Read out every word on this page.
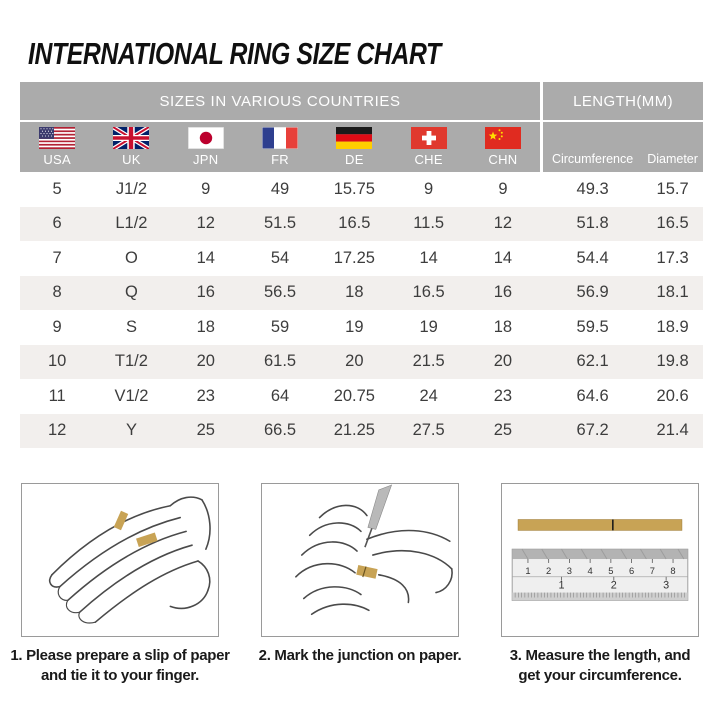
INTERNATIONAL RING SIZE CHART
SIZES IN VARIOUS COUNTRIES	LENGTH(MM)
USA	UK	JPN	FR	DE	CHE	CHN	Circumference	Diameter
5	J1/2	9	49	15.75	9	9	49.3	15.7
6	L1/2	12	51.5	16.5	11.5	12	51.8	16.5
7	O	14	54	17.25	14	14	54.4	17.3
8	Q	16	56.5	18	16.5	16	56.9	18.1
9	S	18	59	19	19	18	59.5	18.9
10	T1/2	20	61.5	20	21.5	20	62.1	19.8
11	V1/2	23	64	20.75	24	23	64.6	20.6
12	Y	25	66.5	21.25	27.5	25	67.2	21.4
1. Please prepare a slip of paper
and tie it to your finger.
2. Mark the junction on paper.
1 2 3 4 5 6 7 8
1	2	3
3. Measure the length, and
get your circumference.
